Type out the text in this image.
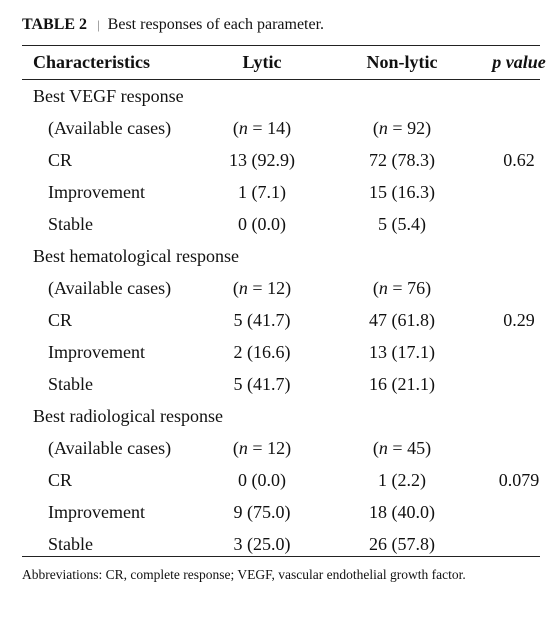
TABLE 2 | Best responses of each parameter.
Characteristics	Lytic	Non-lytic	p value
Best VEGF response
(Available cases)	(n = 14)	(n = 92)
CR	13 (92.9)	72 (78.3)	0.62
Improvement	1 (7.1)	15 (16.3)
Stable	0 (0.0)	5 (5.4)
Best hematological response
(Available cases)	(n = 12)	(n = 76)
CR	5 (41.7)	47 (61.8)	0.29
Improvement	2 (16.6)	13 (17.1)
Stable	5 (41.7)	16 (21.1)
Best radiological response
(Available cases)	(n = 12)	(n = 45)
CR	0 (0.0)	1 (2.2)	0.079
Improvement	9 (75.0)	18 (40.0)
Stable	3 (25.0)	26 (57.8)
Abbreviations: CR, complete response; VEGF, vascular endothelial growth factor.
